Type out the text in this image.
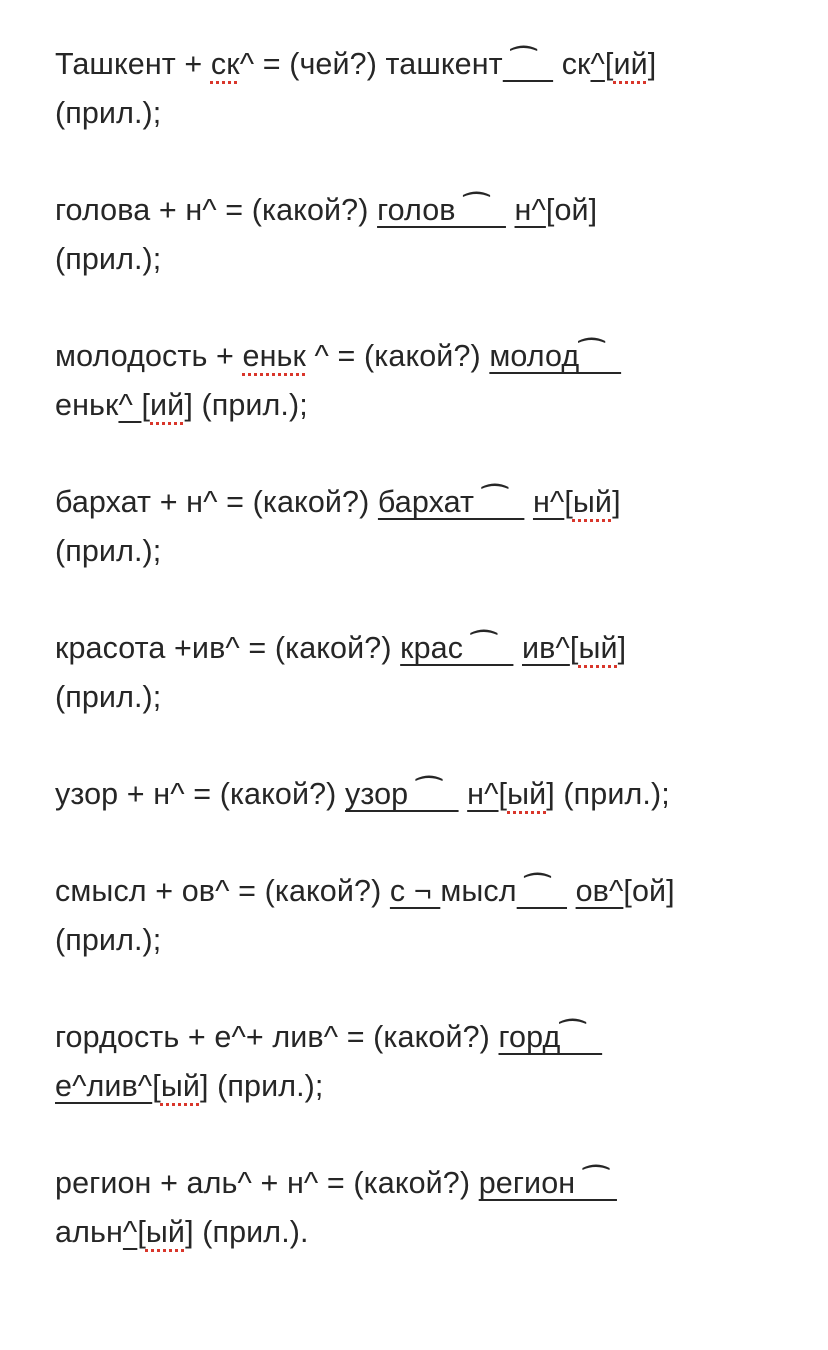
Ташкент + ск^ = (чей?) ташкент ⁀   ск^[ий]
(прил.);
голова + н^ = (какой?) голов ⁀   н^[ой]
(прил.);
молодость + еньк ^ = (какой?) молод⁀
еньк^ [ий] (прил.);
бархат + н^ = (какой?) бархат ⁀   н^[ый]
(прил.);
красота +ив^ = (какой?) крас ⁀   ив^[ый]
(прил.);
узор + н^ = (какой?) узор ⁀   н^[ый] (прил.);
смысл + ов^ = (какой?) с ¬ мысл ⁀   ов^[ой]
(прил.);
гордость + е^+ лив^ = (какой?) горд⁀
е^лив^[ый] (прил.);
регион + аль^ + н^ = (какой?) регион ⁀
альн^[ый] (прил.).
